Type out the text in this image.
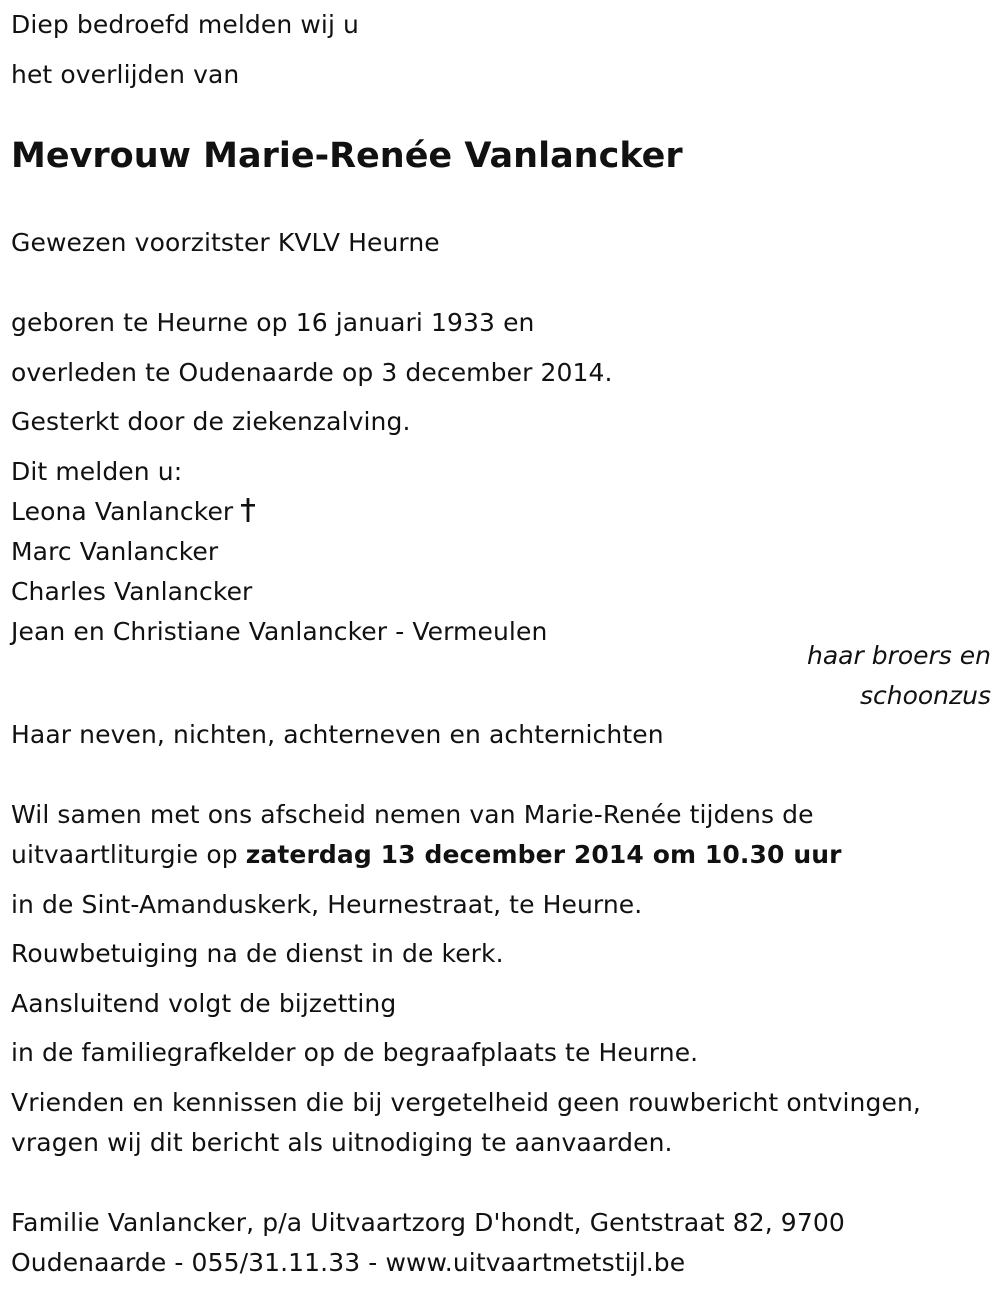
Diep bedroefd melden wij u
het overlijden van
Mevrouw Marie-Renée Vanlancker
Gewezen voorzitster KVLV Heurne
geboren te Heurne op 16 januari 1933 en
overleden te Oudenaarde op 3 december 2014.
Gesterkt door de ziekenzalving.
Dit melden u:
Leona Vanlancker
Marc Vanlancker
Charles Vanlancker
Jean en Christiane Vanlancker - Vermeulen
haar broers en
schoonzus
Haar neven, nichten, achterneven en achternichten
Wil samen met ons afscheid nemen van Marie-Renée tijdens de
uitvaartliturgie op zaterdag 13 december 2014 om 10.30 uur
in de Sint-Amanduskerk, Heurnestraat, te Heurne.
Rouwbetuiging na de dienst in de kerk.
Aansluitend volgt de bijzetting
in de familiegrafkelder op de begraafplaats te Heurne.
Vrienden en kennissen die bij vergetelheid geen rouwbericht ontvingen,
vragen wij dit bericht als uitnodiging te aanvaarden.
Familie Vanlancker, p/a Uitvaartzorg D'hondt, Gentstraat 82, 9700
Oudenaarde - 055/31.11.33 - www.uitvaartmetstijl.be
